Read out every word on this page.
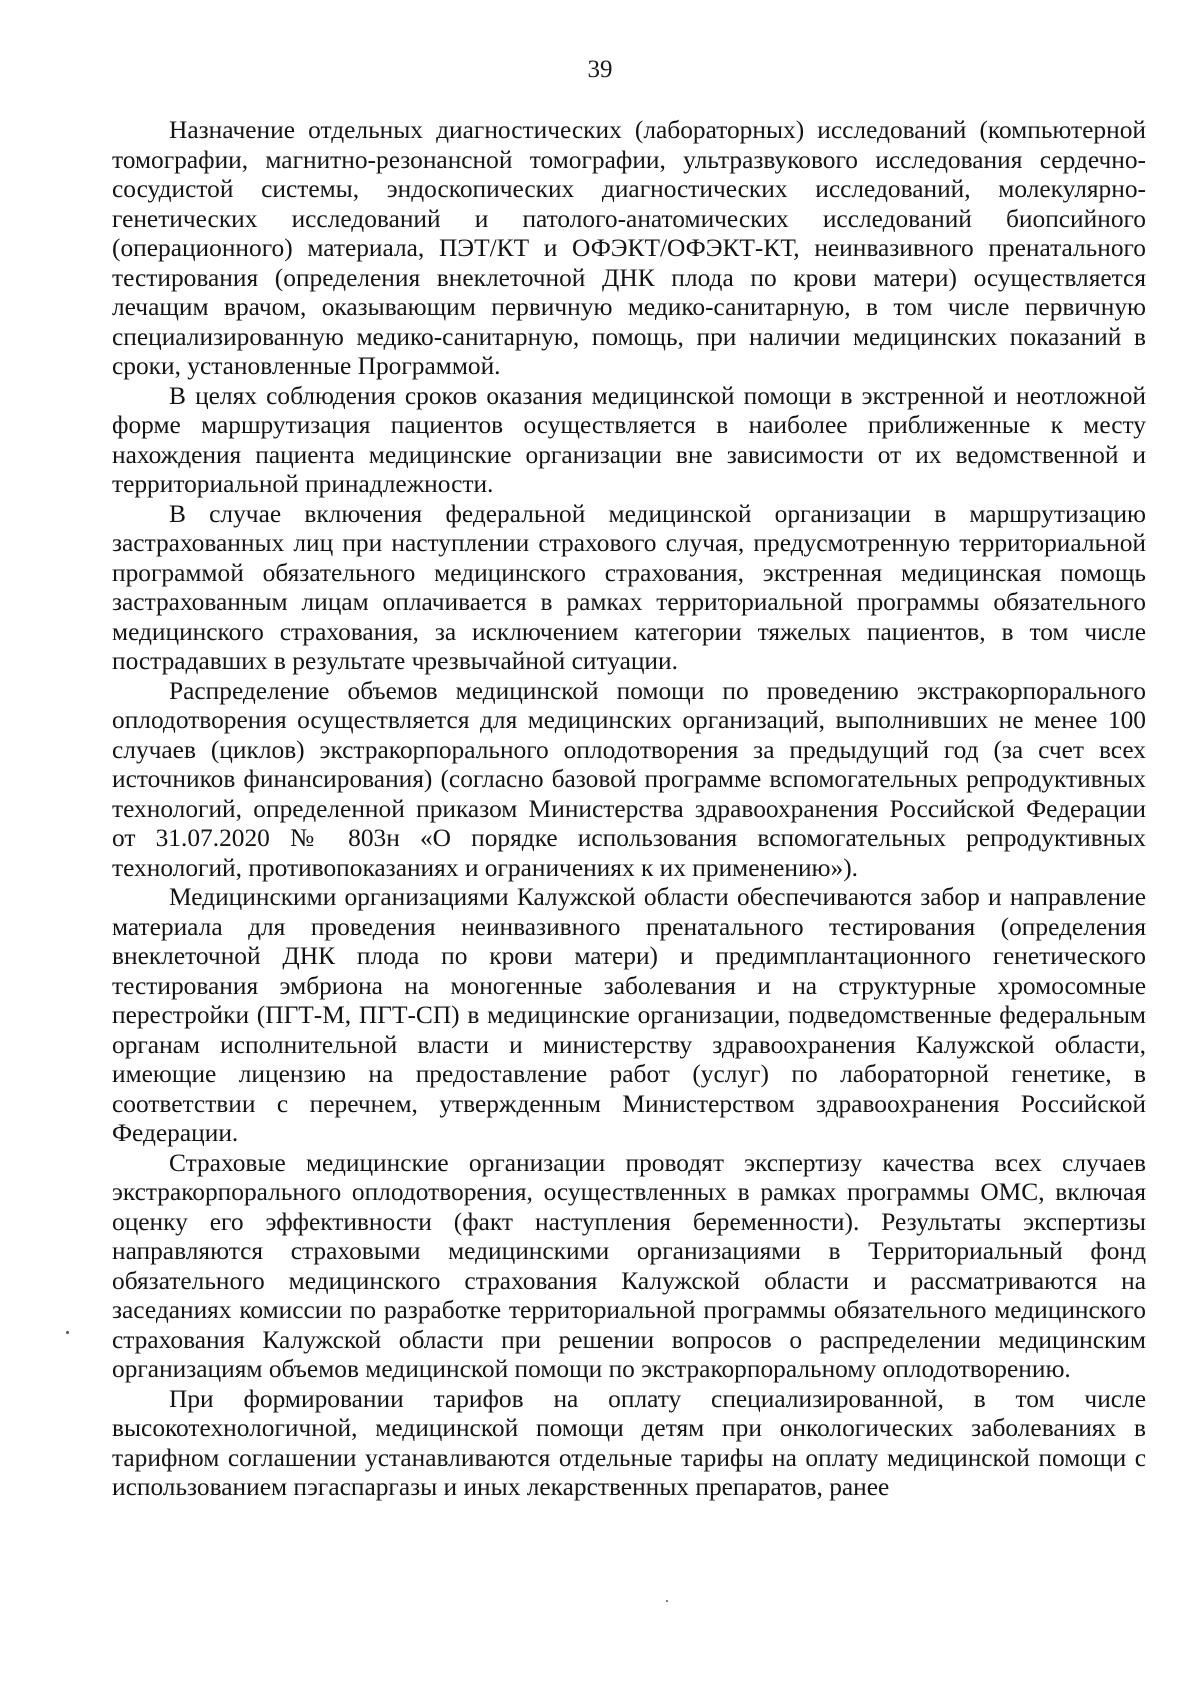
39

Назначение отдельных диагностических (лабораторных) исследований (компьютерной томографии, магнитно-резонансной томографии, ультразвукового исследования сердечно-сосудистой системы, эндоскопических диагностических исследований, молекулярно-генетических исследований и патолого-анатомических исследований биопсийного (операционного) материала, ПЭТ/КТ и ОФЭКТ/ОФЭКТ-КТ, неинвазивного пренатального тестирования (определения внеклеточной ДНК плода по крови матери) осуществляется лечащим врачом, оказывающим первичную медико-санитарную, в том числе первичную специализированную медико-санитарную, помощь, при наличии медицинских показаний в сроки, установленные Программой.

В целях соблюдения сроков оказания медицинской помощи в экстренной и неотложной форме маршрутизация пациентов осуществляется в наиболее приближенные к месту нахождения пациента медицинские организации вне зависимости от их ведомственной и территориальной принадлежности.

В случае включения федеральной медицинской организации в маршрутизацию застрахованных лиц при наступлении страхового случая, предусмотренную территориальной программой обязательного медицинского страхования, экстренная медицинская помощь застрахованным лицам оплачивается в рамках территориальной программы обязательного медицинского страхования, за исключением категории тяжелых пациентов, в том числе пострадавших в результате чрезвычайной ситуации.

Распределение объемов медицинской помощи по проведению экстракорпорального оплодотворения осуществляется для медицинских организаций, выполнивших не менее 100 случаев (циклов) экстракорпорального оплодотворения за предыдущий год (за счет всех источников финансирования) (согласно базовой программе вспомогательных репродуктивных технологий, определенной приказом Министерства здравоохранения Российской Федерации от 31.07.2020 № 803н «О порядке использования вспомогательных репродуктивных технологий, противопоказаниях и ограничениях к их применению»).

Медицинскими организациями Калужской области обеспечиваются забор и направление материала для проведения неинвазивного пренатального тестирования (определения внеклеточной ДНК плода по крови матери) и предимплантационного генетического тестирования эмбриона на моногенные заболевания и на структурные хромосомные перестройки (ПГТ-М, ПГТ-СП) в медицинские организации, подведомственные федеральным органам исполнительной власти и министерству здравоохранения Калужской области, имеющие лицензию на предоставление работ (услуг) по лабораторной генетике, в соответствии с перечнем, утвержденным Министерством здравоохранения Российской Федерации.

Страховые медицинские организации проводят экспертизу качества всех случаев экстракорпорального оплодотворения, осуществленных в рамках программы ОМС, включая оценку его эффективности (факт наступления беременности). Результаты экспертизы направляются страховыми медицинскими организациями в Территориальный фонд обязательного медицинского страхования Калужской области и рассматриваются на заседаниях комиссии по разработке территориальной программы обязательного медицинского страхования Калужской области при решении вопросов о распределении медицинским организациям объемов медицинской помощи по экстракорпоральному оплодотворению.

При формировании тарифов на оплату специализированной, в том числе высокотехнологичной, медицинской помощи детям при онкологических заболеваниях в тарифном соглашении устанавливаются отдельные тарифы на оплату медицинской помощи с использованием пэгаспаргазы и иных лекарственных препаратов, ранее
